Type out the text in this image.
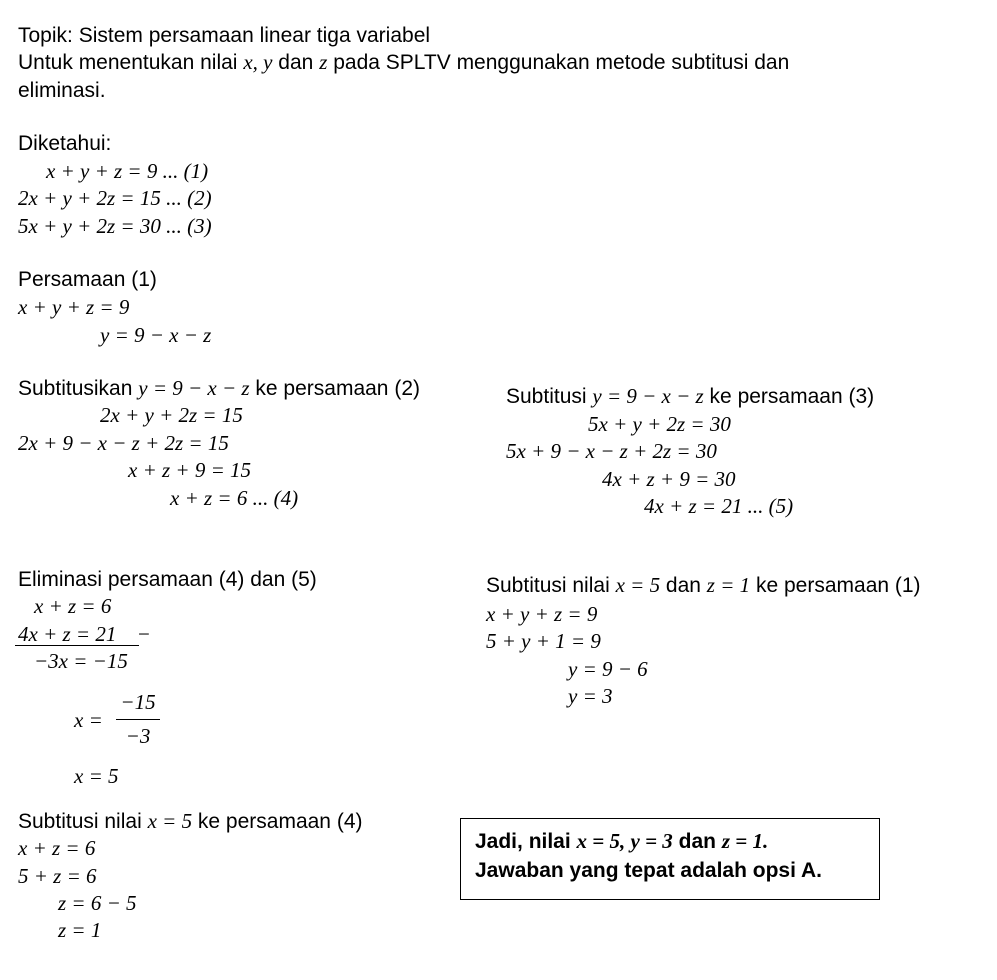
Topik: Sistem persamaan linear tiga variabel
Untuk menentukan nilai x, y dan z pada SPLTV menggunakan metode subtitusi dan
eliminasi.
Diketahui:
x + y + z = 9 ... (1)
2x + y + 2z = 15 ... (2)
5x + y + 2z = 30 ... (3)
Persamaan (1)
x + y + z = 9
y = 9 − x − z
Subtitusikan y = 9 − x − z ke persamaan (2)
2x + y + 2z = 15
2x + 9 − x − z + 2z = 15
x + z + 9 = 15
x + z = 6 ... (4)
Subtitusi y = 9 − x − z ke persamaan (3)
5x + y + 2z = 30
5x + 9 − x − z + 2z = 30
4x + z + 9 = 30
4x + z = 21 ... (5)
Eliminasi persamaan (4) dan (5)
x + z = 6
4x + z = 21 −
−3x = −15
x =
−15
−3
x = 5
Subtitusi nilai x = 5 ke persamaan (4)
x + z = 6
5 + z = 6
z = 6 − 5
z = 1
Subtitusi nilai x = 5 dan z = 1 ke persamaan (1)
x + y + z = 9
5 + y + 1 = 9
y = 9 − 6
y = 3
Jadi, nilai x = 5, y = 3 dan z = 1.
Jawaban yang tepat adalah opsi A.
